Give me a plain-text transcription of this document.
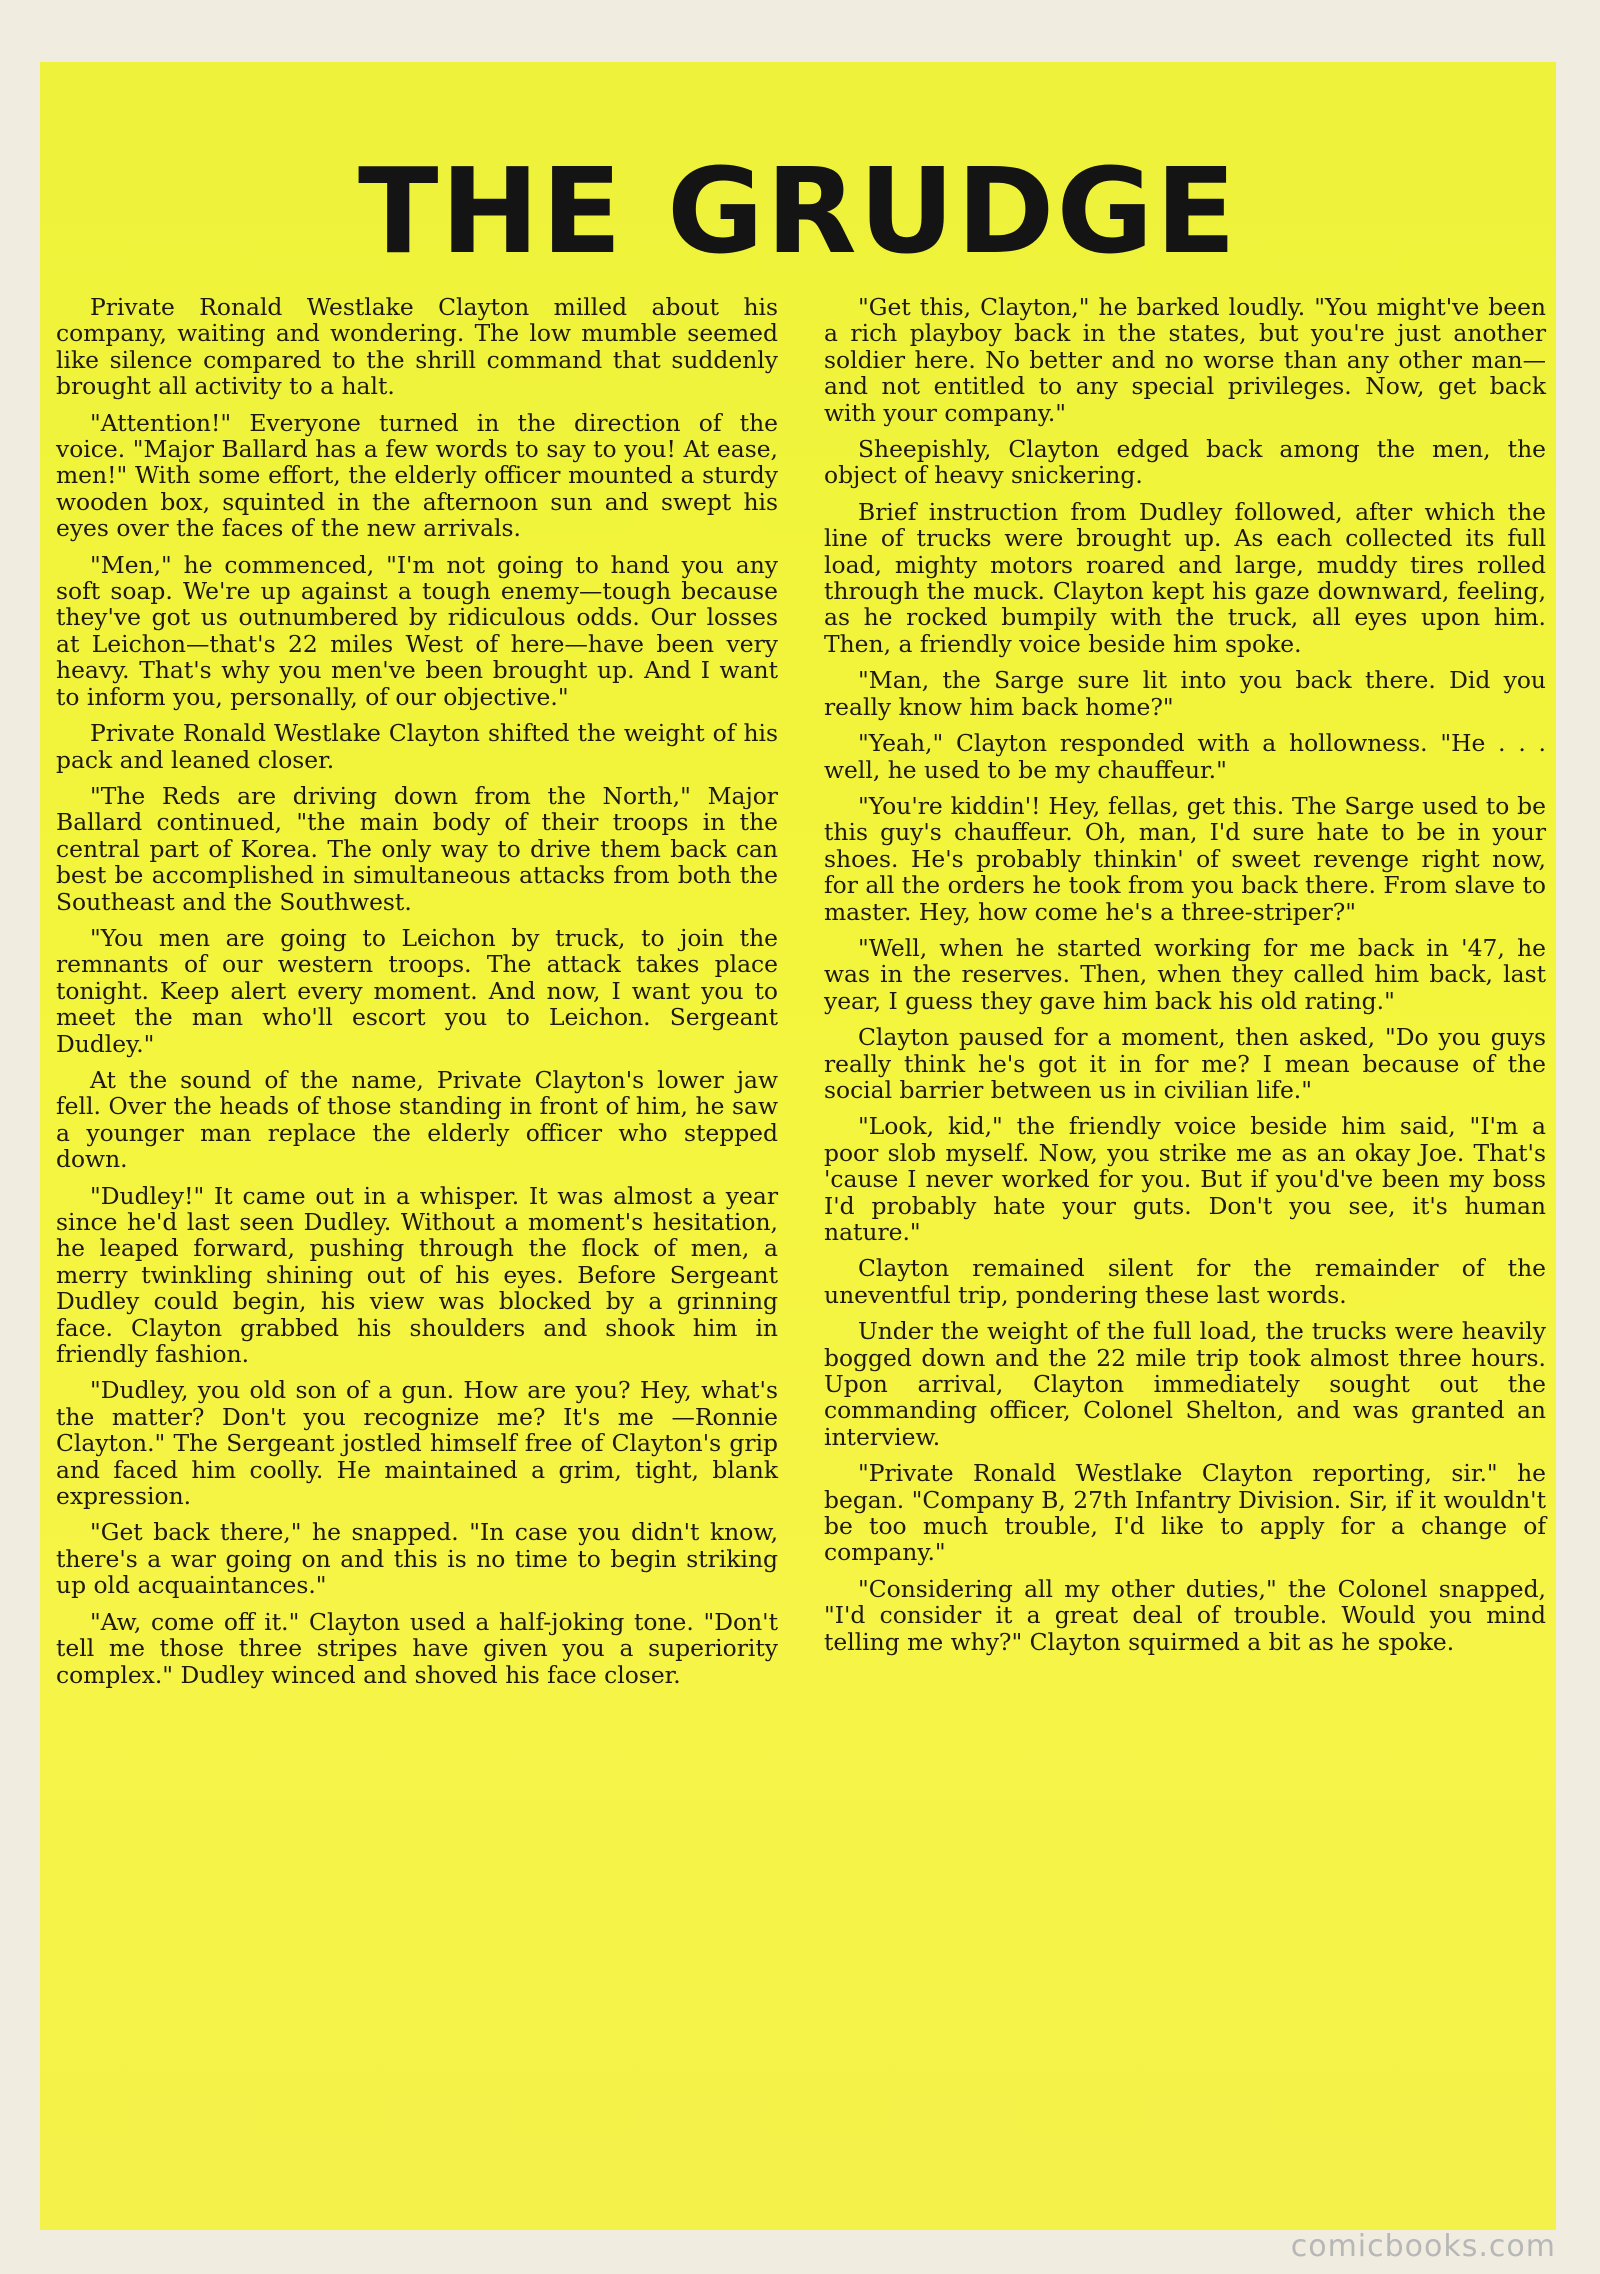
THE GRUDGE

Private Ronald Westlake Clayton milled about his company, waiting and wondering. The low mumble seemed like silence compared to the shrill command that suddenly brought all activity to a halt.

"Attention!" Everyone turned in the direction of the voice. "Major Ballard has a few words to say to you! At ease, men!" With some effort, the elderly officer mounted a sturdy wooden box, squinted in the afternoon sun and swept his eyes over the faces of the new arrivals.

"Men," he commenced, "I'm not going to hand you any soft soap. We're up against a tough enemy—tough because they've got us outnumbered by ridiculous odds. Our losses at Leichon—that's 22 miles West of here—have been very heavy. That's why you men've been brought up. And I want to inform you, personally, of our objective."

Private Ronald Westlake Clayton shifted the weight of his pack and leaned closer.

"The Reds are driving down from the North," Major Ballard continued, "the main body of their troops in the central part of Korea. The only way to drive them back can best be accomplished in simultaneous attacks from both the Southeast and the Southwest.

"You men are going to Leichon by truck, to join the remnants of our western troops. The attack takes place tonight. Keep alert every moment. And now, I want you to meet the man who'll escort you to Leichon. Sergeant Dudley."

At the sound of the name, Private Clayton's lower jaw fell. Over the heads of those standing in front of him, he saw a younger man replace the elderly officer who stepped down.

"Dudley!" It came out in a whisper. It was almost a year since he'd last seen Dudley. Without a moment's hesitation, he leaped forward, pushing through the flock of men, a merry twinkling shining out of his eyes. Before Sergeant Dudley could begin, his view was blocked by a grinning face. Clayton grabbed his shoulders and shook him in friendly fashion.

"Dudley, you old son of a gun. How are you? Hey, what's the matter? Don't you recognize me? It's me —Ronnie Clayton." The Sergeant jostled himself free of Clayton's grip and faced him coolly. He maintained a grim, tight, blank expression.

"Get back there," he snapped. "In case you didn't know, there's a war going on and this is no time to begin striking up old acquaintances."

"Aw, come off it." Clayton used a half-joking tone. "Don't tell me those three stripes have given you a superiority complex." Dudley winced and shoved his face closer.

"Get this, Clayton," he barked loudly. "You might've been a rich playboy back in the states, but you're just another soldier here. No better and no worse than any other man—and not entitled to any special privileges. Now, get back with your company."

Sheepishly, Clayton edged back among the men, the object of heavy snickering.

Brief instruction from Dudley followed, after which the line of trucks were brought up. As each collected its full load, mighty motors roared and large, muddy tires rolled through the muck. Clayton kept his gaze downward, feeling, as he rocked bumpily with the truck, all eyes upon him. Then, a friendly voice beside him spoke.

"Man, the Sarge sure lit into you back there. Did you really know him back home?"

"Yeah," Clayton responded with a hollowness. "He . . . well, he used to be my chauffeur."

"You're kiddin'! Hey, fellas, get this. The Sarge used to be this guy's chauffeur. Oh, man, I'd sure hate to be in your shoes. He's probably thinkin' of sweet revenge right now, for all the orders he took from you back there. From slave to master. Hey, how come he's a three-striper?"

"Well, when he started working for me back in '47, he was in the reserves. Then, when they called him back, last year, I guess they gave him back his old rating."

Clayton paused for a moment, then asked, "Do you guys really think he's got it in for me? I mean because of the social barrier between us in civilian life."

"Look, kid," the friendly voice beside him said, "I'm a poor slob myself. Now, you strike me as an okay Joe. That's 'cause I never worked for you. But if you'd've been my boss I'd probably hate your guts. Don't you see, it's human nature."

Clayton remained silent for the remainder of the uneventful trip, pondering these last words.

Under the weight of the full load, the trucks were heavily bogged down and the 22 mile trip took almost three hours. Upon arrival, Clayton immediately sought out the commanding officer, Colonel Shelton, and was granted an interview.

"Private Ronald Westlake Clayton reporting, sir." he began. "Company B, 27th Infantry Division. Sir, if it wouldn't be too much trouble, I'd like to apply for a change of company."

"Considering all my other duties," the Colonel snapped, "I'd consider it a great deal of trouble. Would you mind telling me why?" Clayton squirmed a bit as he spoke.

comicbooks.com
